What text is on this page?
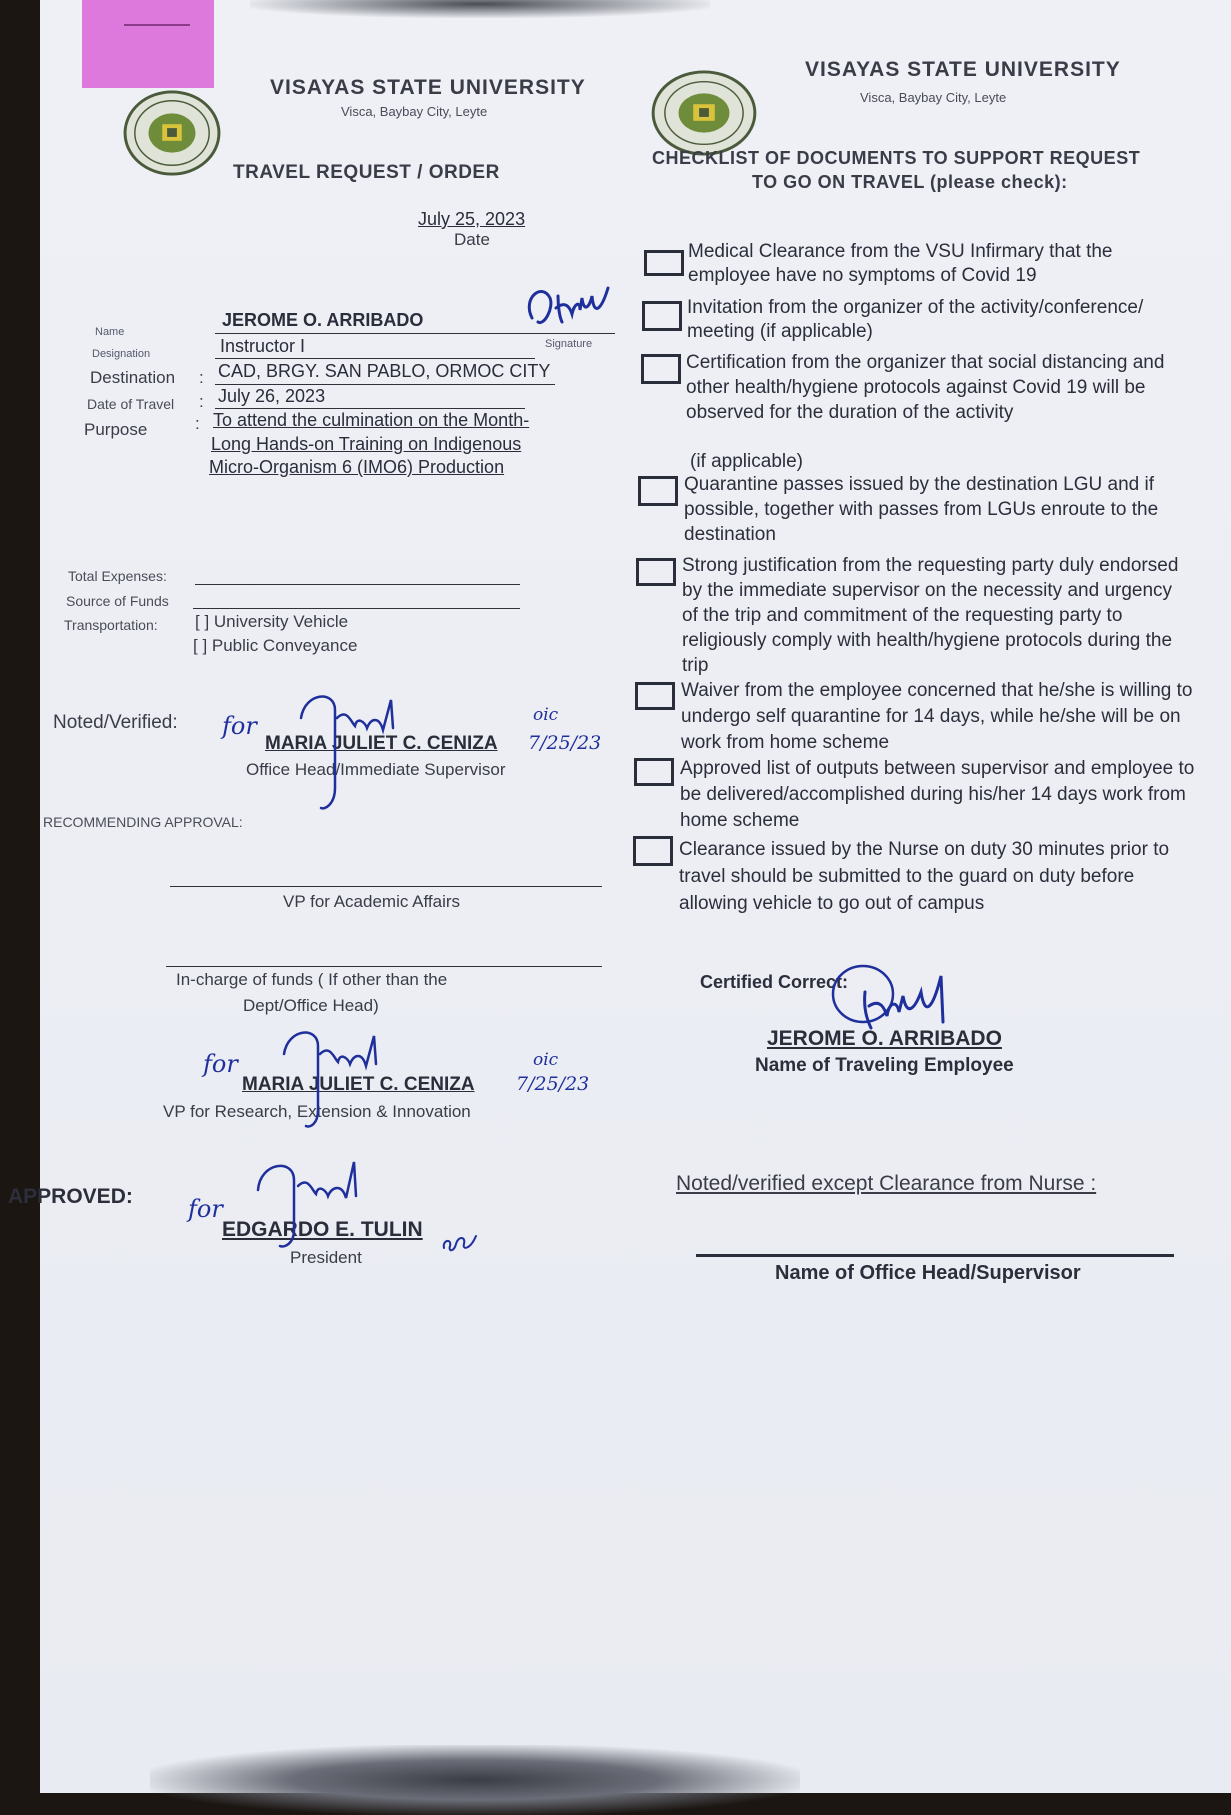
VISAYAS STATE UNIVERSITY
Visca, Baybay City, Leyte
TRAVEL REQUEST / ORDER
July 25, 2023
Date
Name
JEROME O. ARRIBADO
Signature
Designation	Instructor I
Destination : CAD, BRGY. SAN PABLO, ORMOC CITY
Date of Travel : July 26, 2023
Purpose	: To attend the culmination on the Month-
Long Hands-on Training on Indigenous
Micro-Organism 6 (IMO6) Production
Total Expenses:
Source of Funds
Transportation: [ ] University Vehicle
[ ] Public Conveyance
Noted/Verified: for
MARIA JULIET C. CENIZA
oic
7/25/23
Office Head/Immediate Supervisor
RECOMMENDING APPROVAL:
VP for Academic Affairs
In-charge of funds ( If other than the
Dept/Office Head)
for
MARIA JULIET C. CENIZA
oic
7/25/23
VP for Research, Extension & Innovation
APPROVED: for
EDGARDO E. TULIN
President
VISAYAS STATE UNIVERSITY
Visca, Baybay City, Leyte
CHECKLIST OF DOCUMENTS TO SUPPORT REQUEST
TO GO ON TRAVEL (please check):
Medical Clearance from the VSU Infirmary that the employee have no symptoms of Covid 19
Invitation from the organizer of the activity/conference/ meeting (if applicable)
Certification from the organizer that social distancing and other health/hygiene protocols against Covid 19 will be observed for the duration of the activity
(if applicable)
Quarantine passes issued by the destination LGU and if possible, together with passes from LGUs enroute to the destination
Strong justification from the requesting party duly endorsed by the immediate supervisor on the necessity and urgency of the trip and commitment of the requesting party to religiously comply with health/hygiene protocols during the trip
Waiver from the employee concerned that he/she is willing to undergo self quarantine for 14 days, while he/she will be on work from home scheme
Approved list of outputs between supervisor and employee to be delivered/accomplished during his/her 14 days work from home scheme
Clearance issued by the Nurse on duty 30 minutes prior to travel should be submitted to the guard on duty before allowing vehicle to go out of campus
Certified Correct:
JEROME O. ARRIBADO
Name of Traveling Employee
Noted/verified except Clearance from Nurse :
Name of Office Head/Supervisor
